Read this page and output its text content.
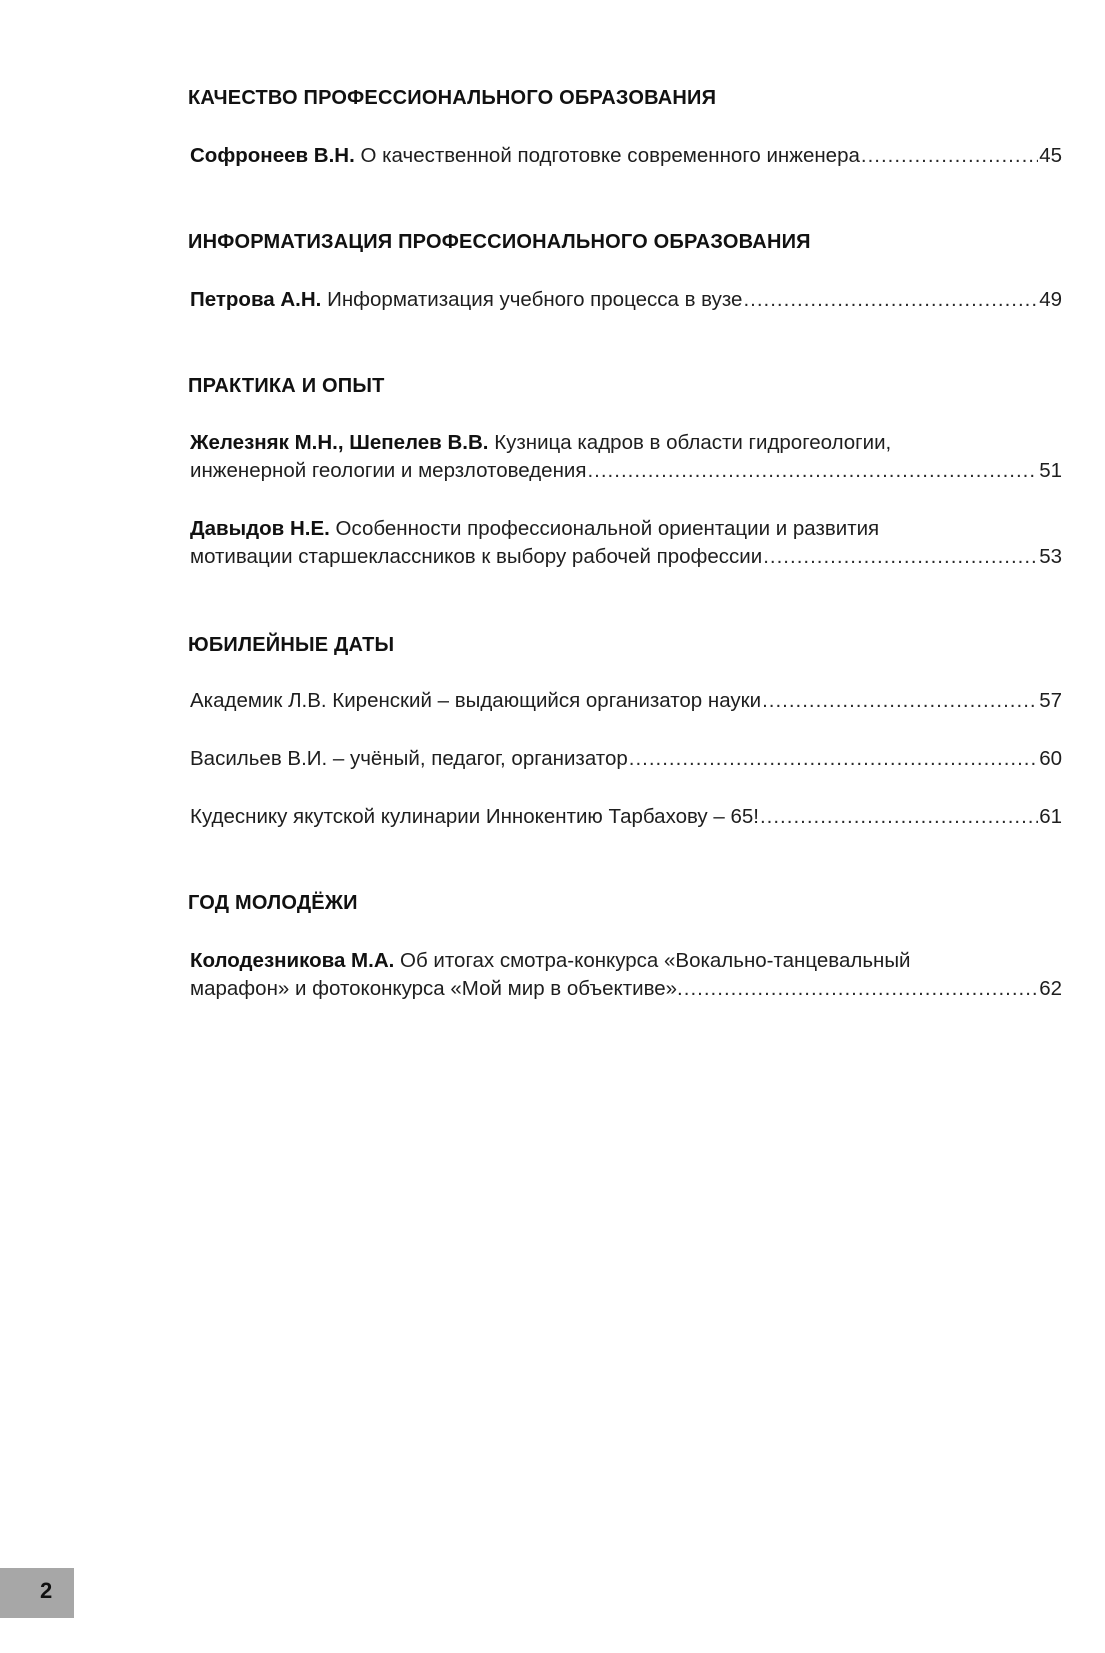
КАЧЕСТВО ПРОФЕССИОНАЛЬНОГО ОБРАЗОВАНИЯ
Софронеев В.Н. О качественной подготовке современного инженера .....	45
ИНФОРМАТИЗАЦИЯ ПРОФЕССИОНАЛЬНОГО ОБРАЗОВАНИЯ
Петрова А.Н. Информатизация учебного процесса в вузе .....	49
ПРАКТИКА И ОПЫТ
Железняк М.Н., Шепелев В.В. Кузница кадров в области гидрогеологии,
инженерной геологии и мерзлотоведения .....	51
Давыдов Н.Е. Особенности профессиональной ориентации и развития
мотивации старшеклассников к выбору рабочей профессии .....	53
ЮБИЛЕЙНЫЕ ДАТЫ
Академик Л.В. Киренский – выдающийся организатор науки .....	57
Васильев В.И. – учёный, педагог, организатор .....	60
Кудеснику якутской кулинарии Иннокентию Тарбахову – 65! .....	61
ГОД МОЛОДЁЖИ
Колодезникова М.А. Об итогах смотра-конкурса «Вокально-танцевальный
марафон» и фотоконкурса «Мой мир в объективе». .....	62
2
